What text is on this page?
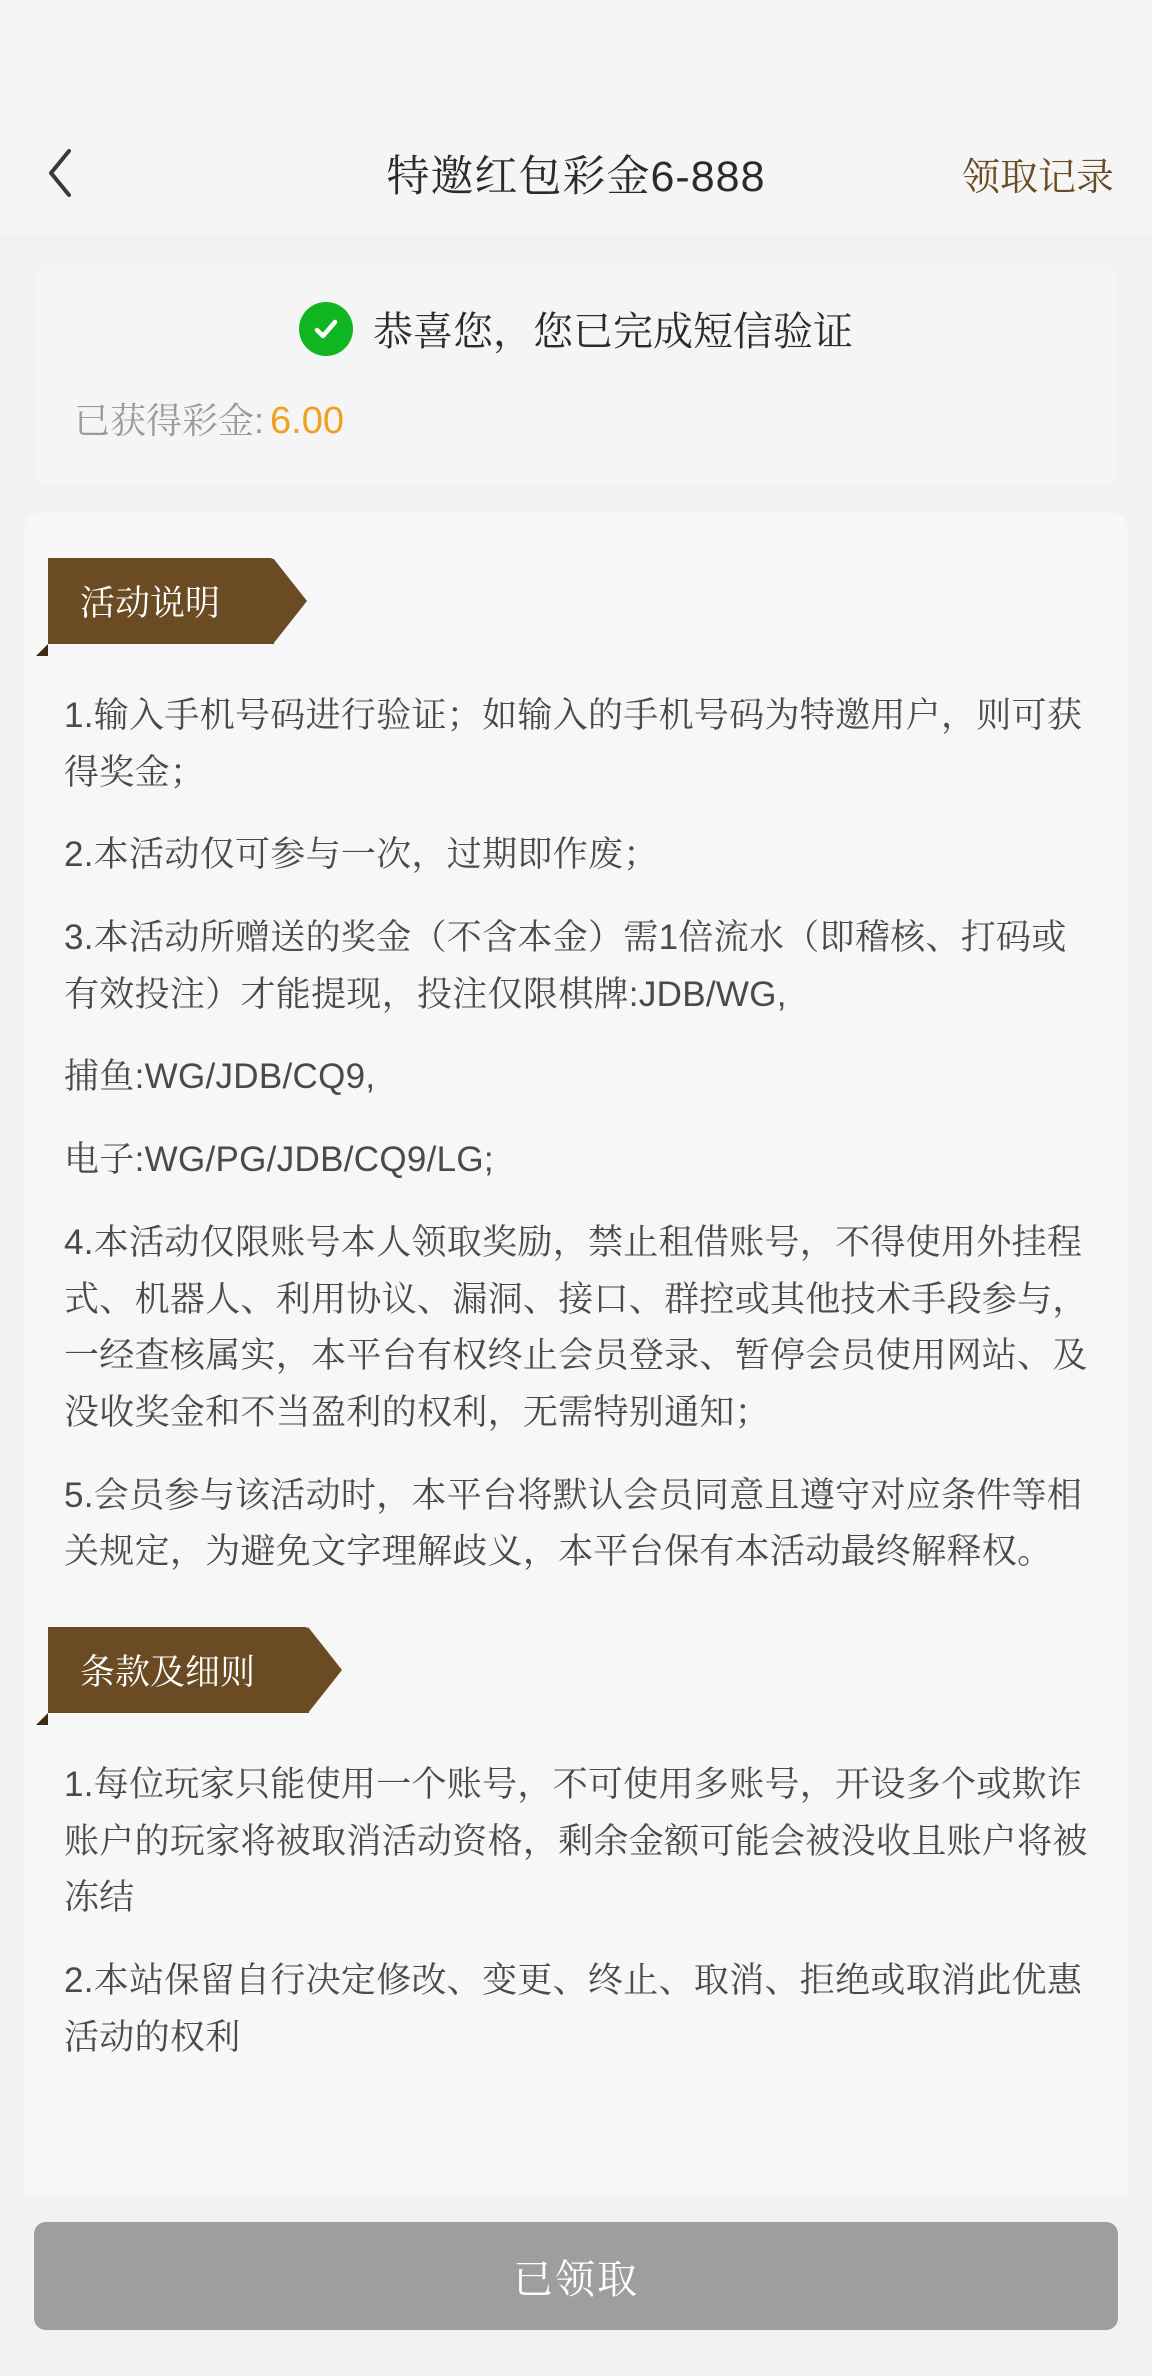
特邀红包彩金6-888	领取记录
恭喜您，您已完成短信验证
已获得彩金: 6.00
活动说明

1.输入手机号码进行验证；如输入的手机号码为特邀用户，则可获得奖金；

2.本活动仅可参与一次，过期即作废；

3.本活动所赠送的奖金（不含本金）需1倍流水（即稽核、打码或有效投注）才能提现，投注仅限棋牌:JDB/WG,

捕鱼:WG/JDB/CQ9,

电子:WG/PG/JDB/CQ9/LG;

4.本活动仅限账号本人领取奖励，禁止租借账号，不得使用外挂程式、机器人、利用协议、漏洞、接口、群控或其他技术手段参与，一经查核属实，本平台有权终止会员登录、暂停会员使用网站、及没收奖金和不当盈利的权利，无需特别通知；

5.会员参与该活动时，本平台将默认会员同意且遵守对应条件等相关规定，为避免文字理解歧义，本平台保有本活动最终解释权。

条款及细则

1.每位玩家只能使用一个账号，不可使用多账号，开设多个或欺诈账户的玩家将被取消活动资格，剩余金额可能会被没收且账户将被冻结

2.本站保留自行决定修改、变更、终止、取消、拒绝或取消此优惠活动的权利

已领取
